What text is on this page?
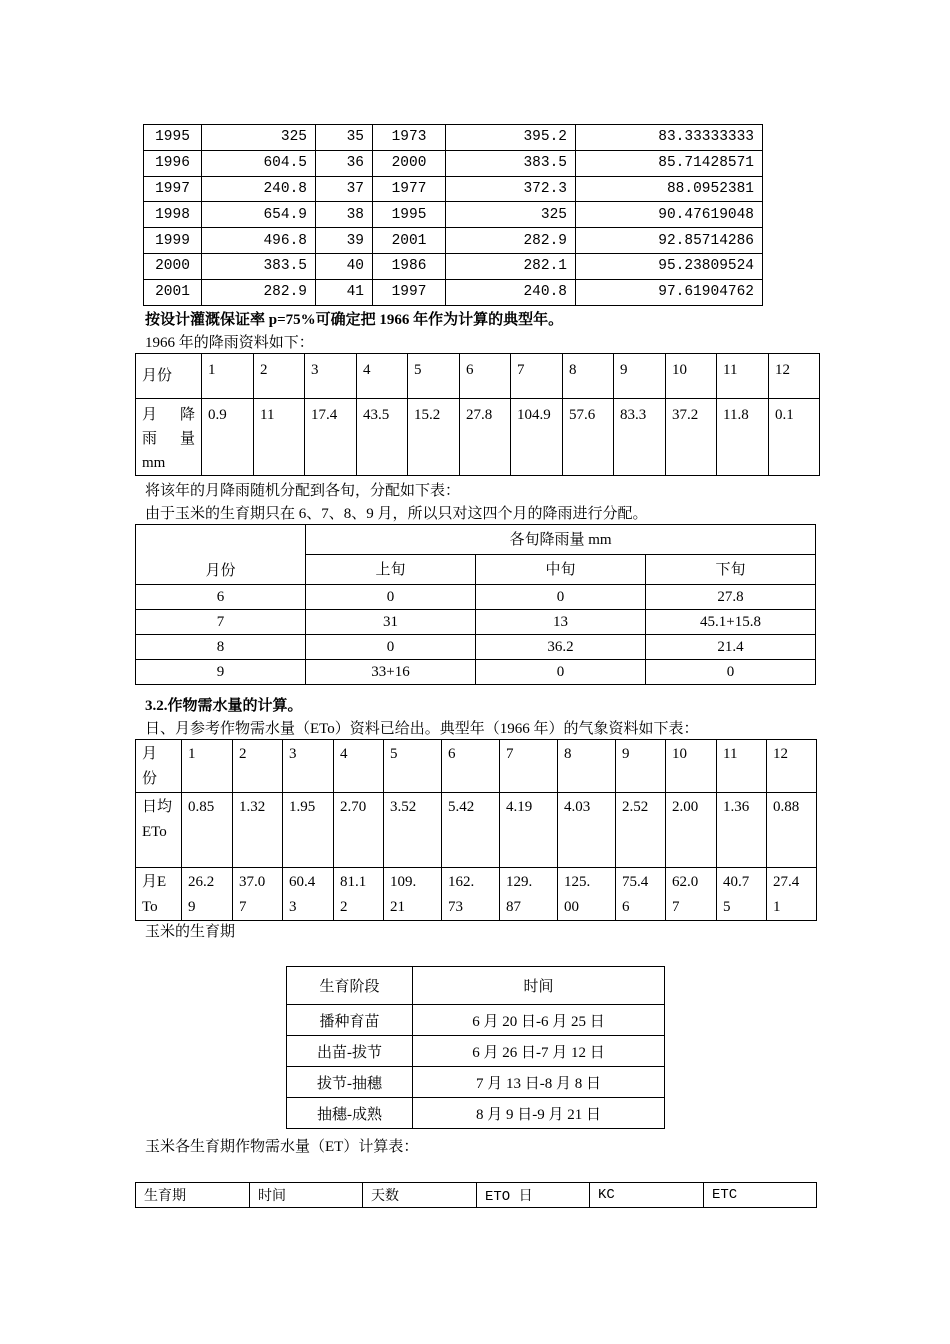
1995	325	35	1973	395.2	83.33333333
1996	604.5	36	2000	383.5	85.71428571
1997	240.8	37	1977	372.3	88.0952381
1998	654.9	38	1995	325	90.47619048
1999	496.8	39	2001	282.9	92.85714286
2000	383.5	40	1986	282.1	95.23809524
2001	282.9	41	1997	240.8	97.61904762
按设计灌溉保证率 p=75%可确定把 1966 年作为计算的典型年。
1966 年的降雨资料如下：
月份	1	2	3	4	5	6	7	8	9	10	11	12

月 降
雨 量
mm	0.9	11	17.4	43.5	15.2	27.8	104.9	57.6	83.3	37.2	11.8	0.1
将该年的月降雨随机分配到各旬，分配如下表：
由于玉米的生育期只在 6、7、8、9 月，所以只对这四个月的降雨进行分配。
月份	各旬降雨量 mm		
	上旬	中旬	下旬
6	0	0	27.8
7	31	13	45.1+15.8
8	0	36.2	21.4
9	33+16	0	0
3.2.作物需水量的计算。
日、月参考作物需水量（ETo）资料已给出。典型年（1966 年）的气象资料如下表：
月份	1	2	3	4	5	6	7	8	9	10	11	12

日均ETo	0.85	1.32	1.95	2.70	3.52	5.42	4.19	4.03	2.52	2.00	1.36	0.88

月ETo	26.29	37.07	60.43	81.12	109.21	162.73	129.87	125.00	75.46	62.07	40.75	27.41
玉米的生育期
生育阶段	时间
播种育苗	6 月 20 日-6 月 25 日
出苗-拔节	6 月 26 日-7 月 12 日
拔节-抽穗	7 月 13 日-8 月 8 日
抽穗-成熟	8 月 9 日-9 月 21 日
玉米各生育期作物需水量（ET）计算表：
生育期	时间	天数	ETO 日	KC	ETC
